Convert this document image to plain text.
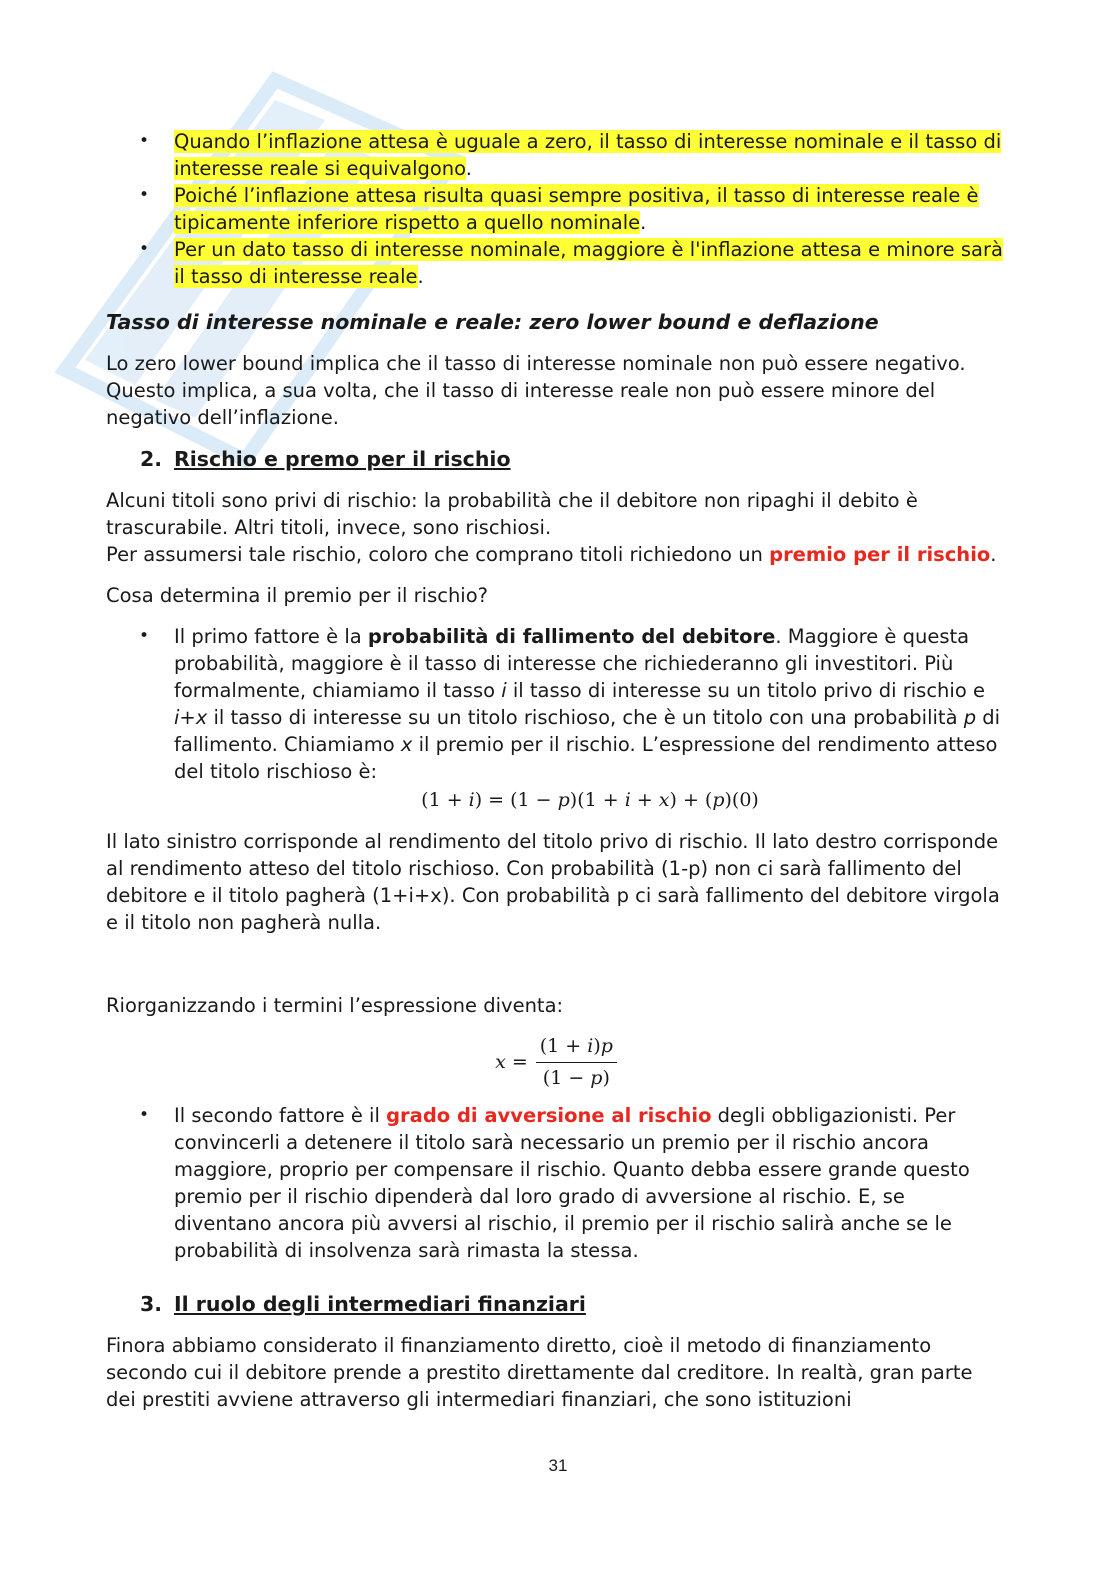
• Quando l’inflazione attesa è uguale a zero, il tasso di interesse nominale e il tasso di interesse reale si equivalgono.
• Poiché l’inflazione attesa risulta quasi sempre positiva, il tasso di interesse reale è tipicamente inferiore rispetto a quello nominale.
• Per un dato tasso di interesse nominale, maggiore è l'inflazione attesa e minore sarà il tasso di interesse reale.
Tasso di interesse nominale e reale: zero lower bound e deflazione

Lo zero lower bound implica che il tasso di interesse nominale non può essere negativo. Questo implica, a sua volta, che il tasso di interesse reale non può essere minore del negativo dell’inflazione.

2. Rischio e premo per il rischio

Alcuni titoli sono privi di rischio: la probabilità che il debitore non ripaghi il debito è trascurabile. Altri titoli, invece, sono rischiosi.

Per assumersi tale rischio, coloro che comprano titoli richiedono un premio per il rischio.

Cosa determina il premio per il rischio?

• Il primo fattore è la probabilità di fallimento del debitore. Maggiore è questa probabilità, maggiore è il tasso di interesse che richiederanno gli investitori. Più formalmente, chiamiamo il tasso i il tasso di interesse su un titolo privo di rischio e i+x il tasso di interesse su un titolo rischioso, che è un titolo con una probabilità p di fallimento. Chiamiamo x il premio per il rischio. L’espressione del rendimento atteso del titolo rischioso è:
(1 + 𝑖) = (1 − 𝑝)(1 + 𝑖 + 𝑥) + (𝑝)(0)

Il lato sinistro corrisponde al rendimento del titolo privo di rischio. Il lato destro corrisponde al rendimento atteso del titolo rischioso. Con probabilità (1-p) non ci sarà fallimento del debitore e il titolo pagherà (1+i+x). Con probabilità p ci sarà fallimento del debitore virgola e il titolo non pagherà nulla.

Riorganizzando i termini l’espressione diventa:

𝑥 =
(1 + 𝑖)𝑝
(1 − 𝑝)
• Il secondo fattore è il grado di avversione al rischio degli obbligazionisti. Per convincerli a detenere il titolo sarà necessario un premio per il rischio ancora maggiore, proprio per compensare il rischio. Quanto debba essere grande questo premio per il rischio dipenderà dal loro grado di avversione al rischio. E, se diventano ancora più avversi al rischio, il premio per il rischio salirà anche se le probabilità di insolvenza sarà rimasta la stessa.
3. Il ruolo degli intermediari finanziari

Finora abbiamo considerato il finanziamento diretto, cioè il metodo di finanziamento secondo cui il debitore prende a prestito direttamente dal creditore. In realtà, gran parte dei prestiti avviene attraverso gli intermediari finanziari, che sono istituzioni

31
